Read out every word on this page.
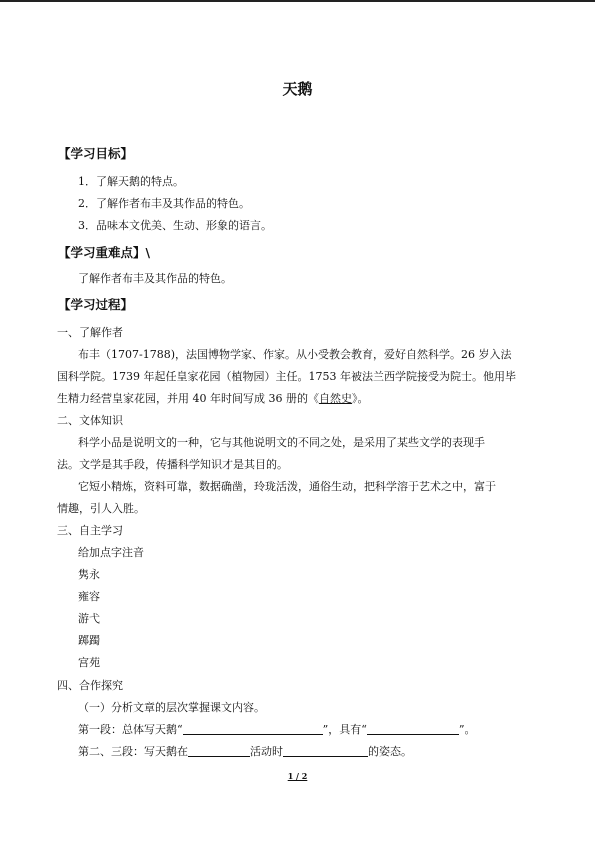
天鹅
【学习目标】
1．了解天鹅的特点。
2．了解作者布丰及其作品的特色。
3．品味本文优美、生动、形象的语言。
【学习重难点】\
了解作者布丰及其作品的特色。
【学习过程】
一、了解作者
布丰（1707-1788)，法国博物学家、作家。从小受教会教育，爱好自然科学。26 岁入法
国科学院。1739 年起任皇家花园（植物园）主任。1753 年被法兰西学院接受为院士。他用毕
生精力经营皇家花园，并用 40 年时间写成 36 册的《自然史》。
二、文体知识
科学小品是说明文的一种，它与其他说明文的不同之处，是采用了某些文学的表现手
法。文学是其手段，传播科学知识才是其目的。
它短小精炼，资料可靠，数据确凿，玲珑活泼，通俗生动，把科学溶于艺术之中，富于
情趣，引人入胜。
三、自主学习
给加点字注音
隽永
雍容
游弋
踯躅
宫苑
四、合作探究
（一）分析文章的层次掌握课文内容。
第一段：总体写天鹅“	”，具有“	”。
第二、三段：写天鹅在	活动时	的姿态。
1 / 2
